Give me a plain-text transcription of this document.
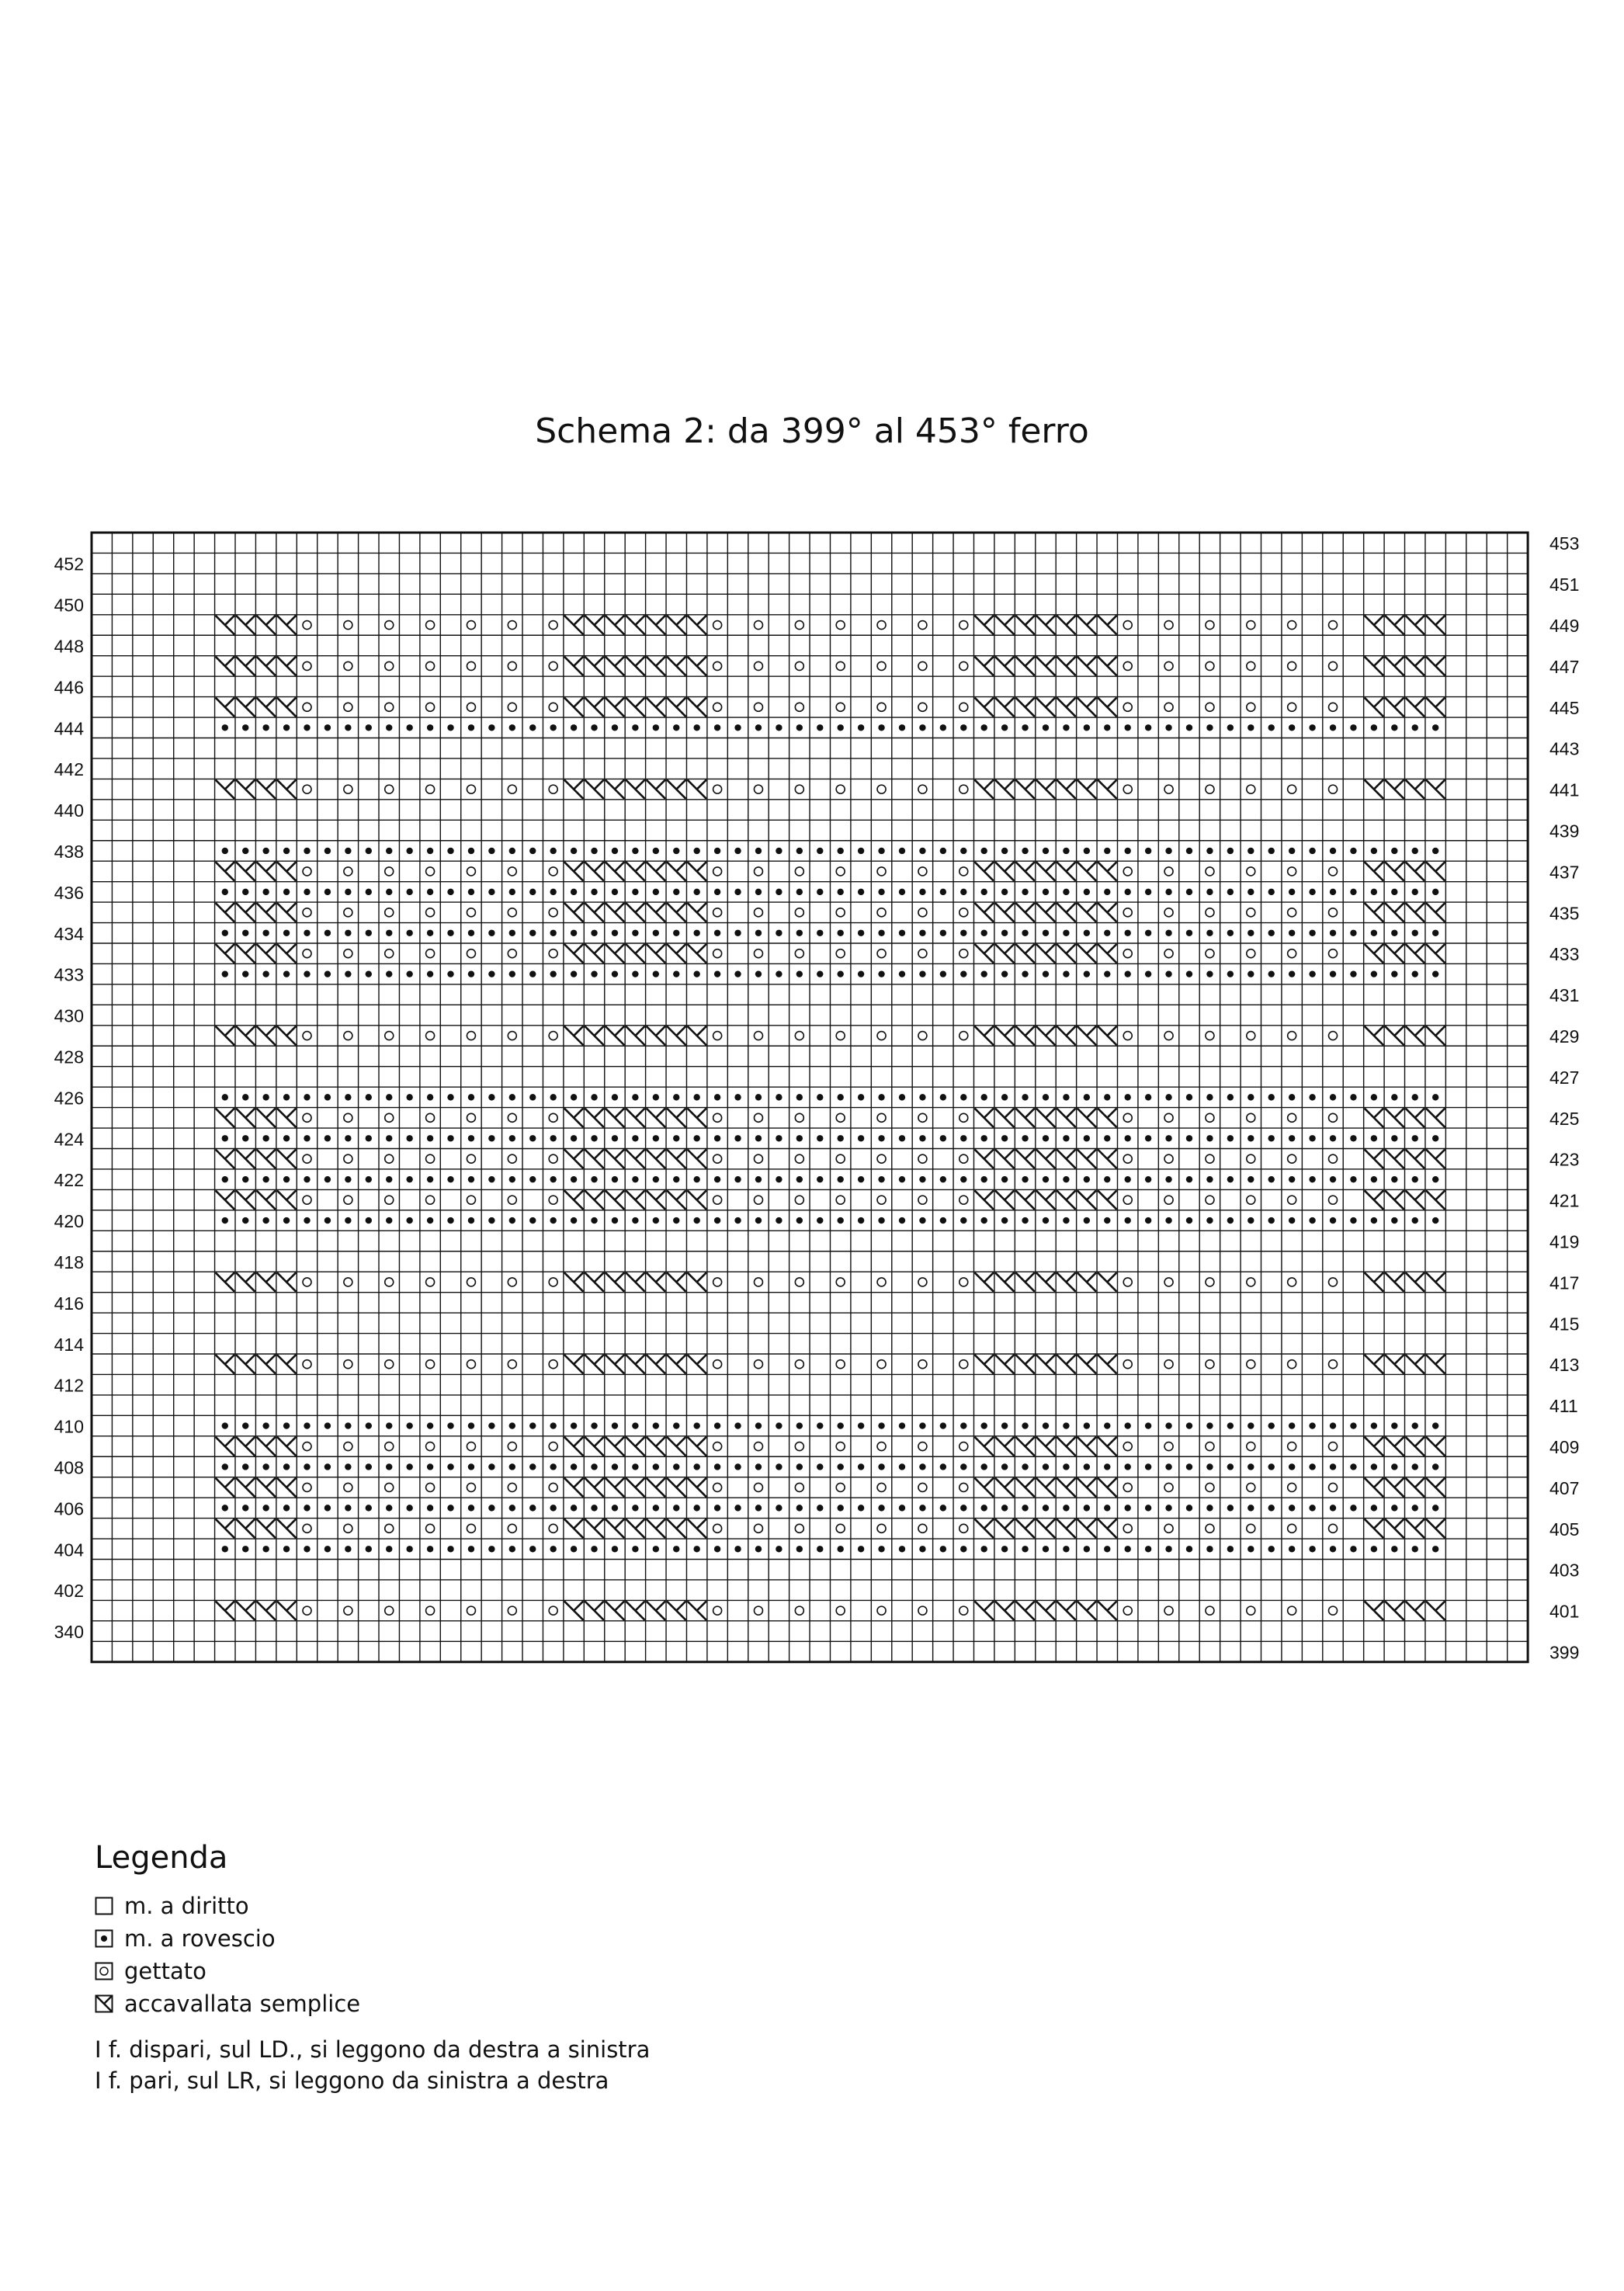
Schema 2: da 399° al 453° ferro
452
450
448
446
444
442
440
438
436
434
433
430
428
426
424
422
420
418
416
414
412
410
408
406
404
402
340
453
451
449
447
445
443
441
439
437
435
433
431
429
427
425
423
421
419
417
415
413
411
409
407
405
403
401
399
Legenda
m. a diritto
m. a rovescio
gettato
accavallata semplice
I f. dispari, sul LD., si leggono da destra a sinistra
I f. pari, sul LR, si leggono da sinistra a destra
